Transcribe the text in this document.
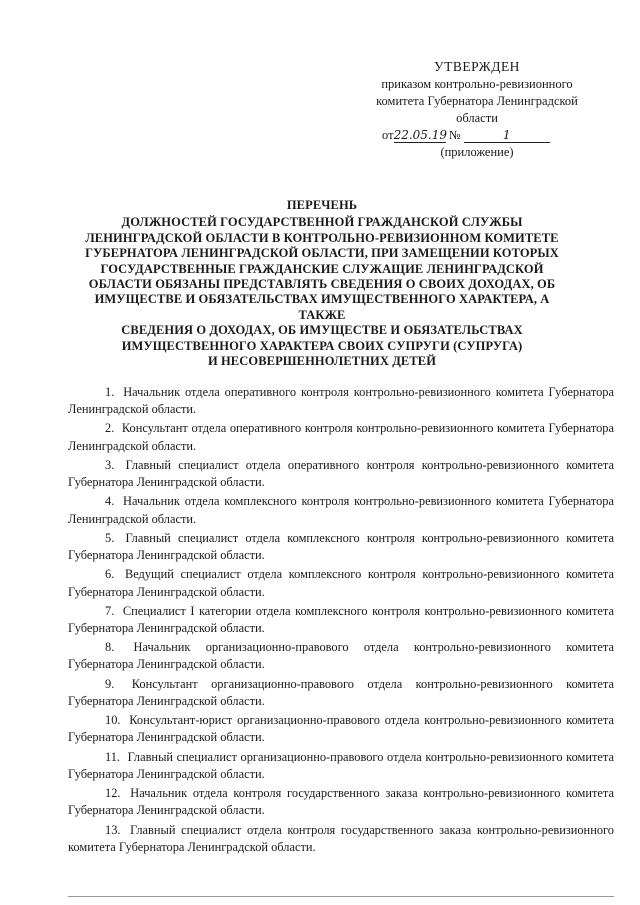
УТВЕРЖДЕН
приказом контрольно-ревизионного
комитета Губернатора Ленинградской
области
от22.05.19 №	1
(приложение)
ПЕРЕЧЕНЬ
ДОЛЖНОСТЕЙ ГОСУДАРСТВЕННОЙ ГРАЖДАНСКОЙ СЛУЖБЫ
ЛЕНИНГРАДСКОЙ ОБЛАСТИ В КОНТРОЛЬНО-РЕВИЗИОННОМ КОМИТЕТЕ
ГУБЕРНАТОРА ЛЕНИНГРАДСКОЙ ОБЛАСТИ, ПРИ ЗАМЕЩЕНИИ КОТОРЫХ
ГОСУДАРСТВЕННЫЕ ГРАЖДАНСКИЕ СЛУЖАЩИЕ ЛЕНИНГРАДСКОЙ
ОБЛАСТИ ОБЯЗАНЫ ПРЕДСТАВЛЯТЬ СВЕДЕНИЯ О СВОИХ ДОХОДАХ, ОБ
ИМУЩЕСТВЕ И ОБЯЗАТЕЛЬСТВАХ ИМУЩЕСТВЕННОГО ХАРАКТЕРА, А ТАКЖЕ
СВЕДЕНИЯ О ДОХОДАХ, ОБ ИМУЩЕСТВЕ И ОБЯЗАТЕЛЬСТВАХ
ИМУЩЕСТВЕННОГО ХАРАКТЕРА СВОИХ СУПРУГИ (СУПРУГА)
И НЕСОВЕРШЕННОЛЕТНИХ ДЕТЕЙ

1. Начальник отдела оперативного контроля контрольно-ревизионного комитета Губернатора Ленинградской области.

2. Консультант отдела оперативного контроля контрольно-ревизионного комитета Губернатора Ленинградской области.

3. Главный специалист отдела оперативного контроля контрольно-ревизионного комитета Губернатора Ленинградской области.

4. Начальник отдела комплексного контроля контрольно-ревизионного комитета Губернатора Ленинградской области.

5. Главный специалист отдела комплексного контроля контрольно-ревизионного комитета Губернатора Ленинградской области.

6. Ведущий специалист отдела комплексного контроля контрольно-ревизионного комитета Губернатора Ленинградской области.

7. Специалист I категории отдела комплексного контроля контрольно-ревизионного комитета Губернатора Ленинградской области.

8. Начальник организационно-правового отдела контрольно-ревизионного комитета Губернатора Ленинградской области.

9. Консультант организационно-правового отдела контрольно-ревизионного комитета Губернатора Ленинградской области.

10. Консультант-юрист организационно-правового отдела контрольно-ревизионного комитета Губернатора Ленинградской области.

11. Главный специалист организационно-правового отдела контрольно-ревизионного комитета Губернатора Ленинградской области.

12. Начальник отдела контроля государственного заказа контрольно-ревизионного комитета Губернатора Ленинградской области.

13. Главный специалист отдела контроля государственного заказа контрольно-ревизионного комитета Губернатора Ленинградской области.
